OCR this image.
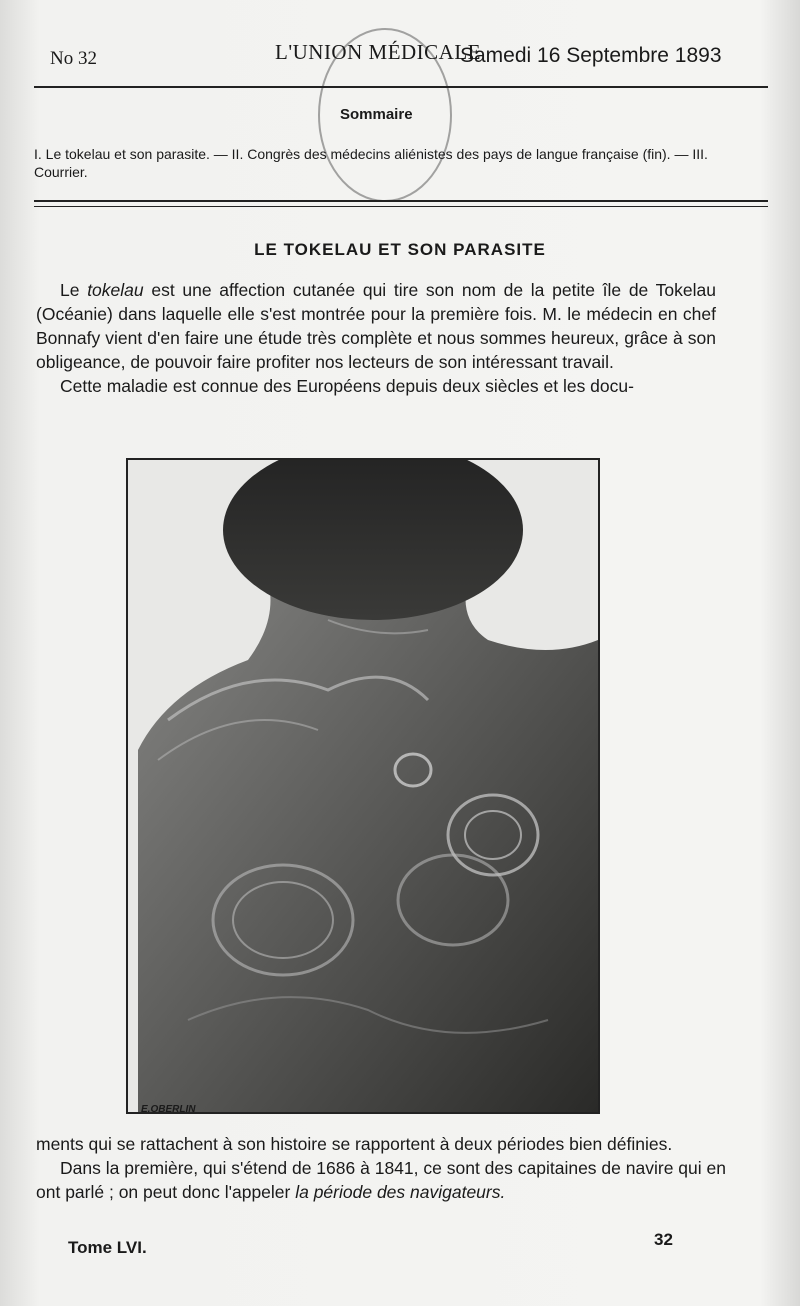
No 32	L'UNION MÉDICALE
Samedi 16 Septembre 1893
Sommaire
I. Le tokelau et son parasite. — II. Congrès des médecins aliénistes des pays de langue française (fin). — III. Courrier.
LE TOKELAU ET SON PARASITE

Le tokelau est une affection cutanée qui tire son nom de la petite île de Tokelau (Océanie) dans laquelle elle s'est montrée pour la première fois. M. le médecin en chef Bonnafy vient d'en faire une étude très complète et nous sommes heureux, grâce à son obligeance, de pouvoir faire profiter nos lecteurs de son intéressant travail.

Cette maladie est connue des Européens depuis deux siècles et les docu-

E.OBERLIN

ments qui se rattachent à son histoire se rapportent à deux périodes bien définies.

Dans la première, qui s'étend de 1686 à 1841, ce sont des capitaines de navire qui en ont parlé ; on peut donc l'appeler la période des navigateurs.

Tome LVI.	32
